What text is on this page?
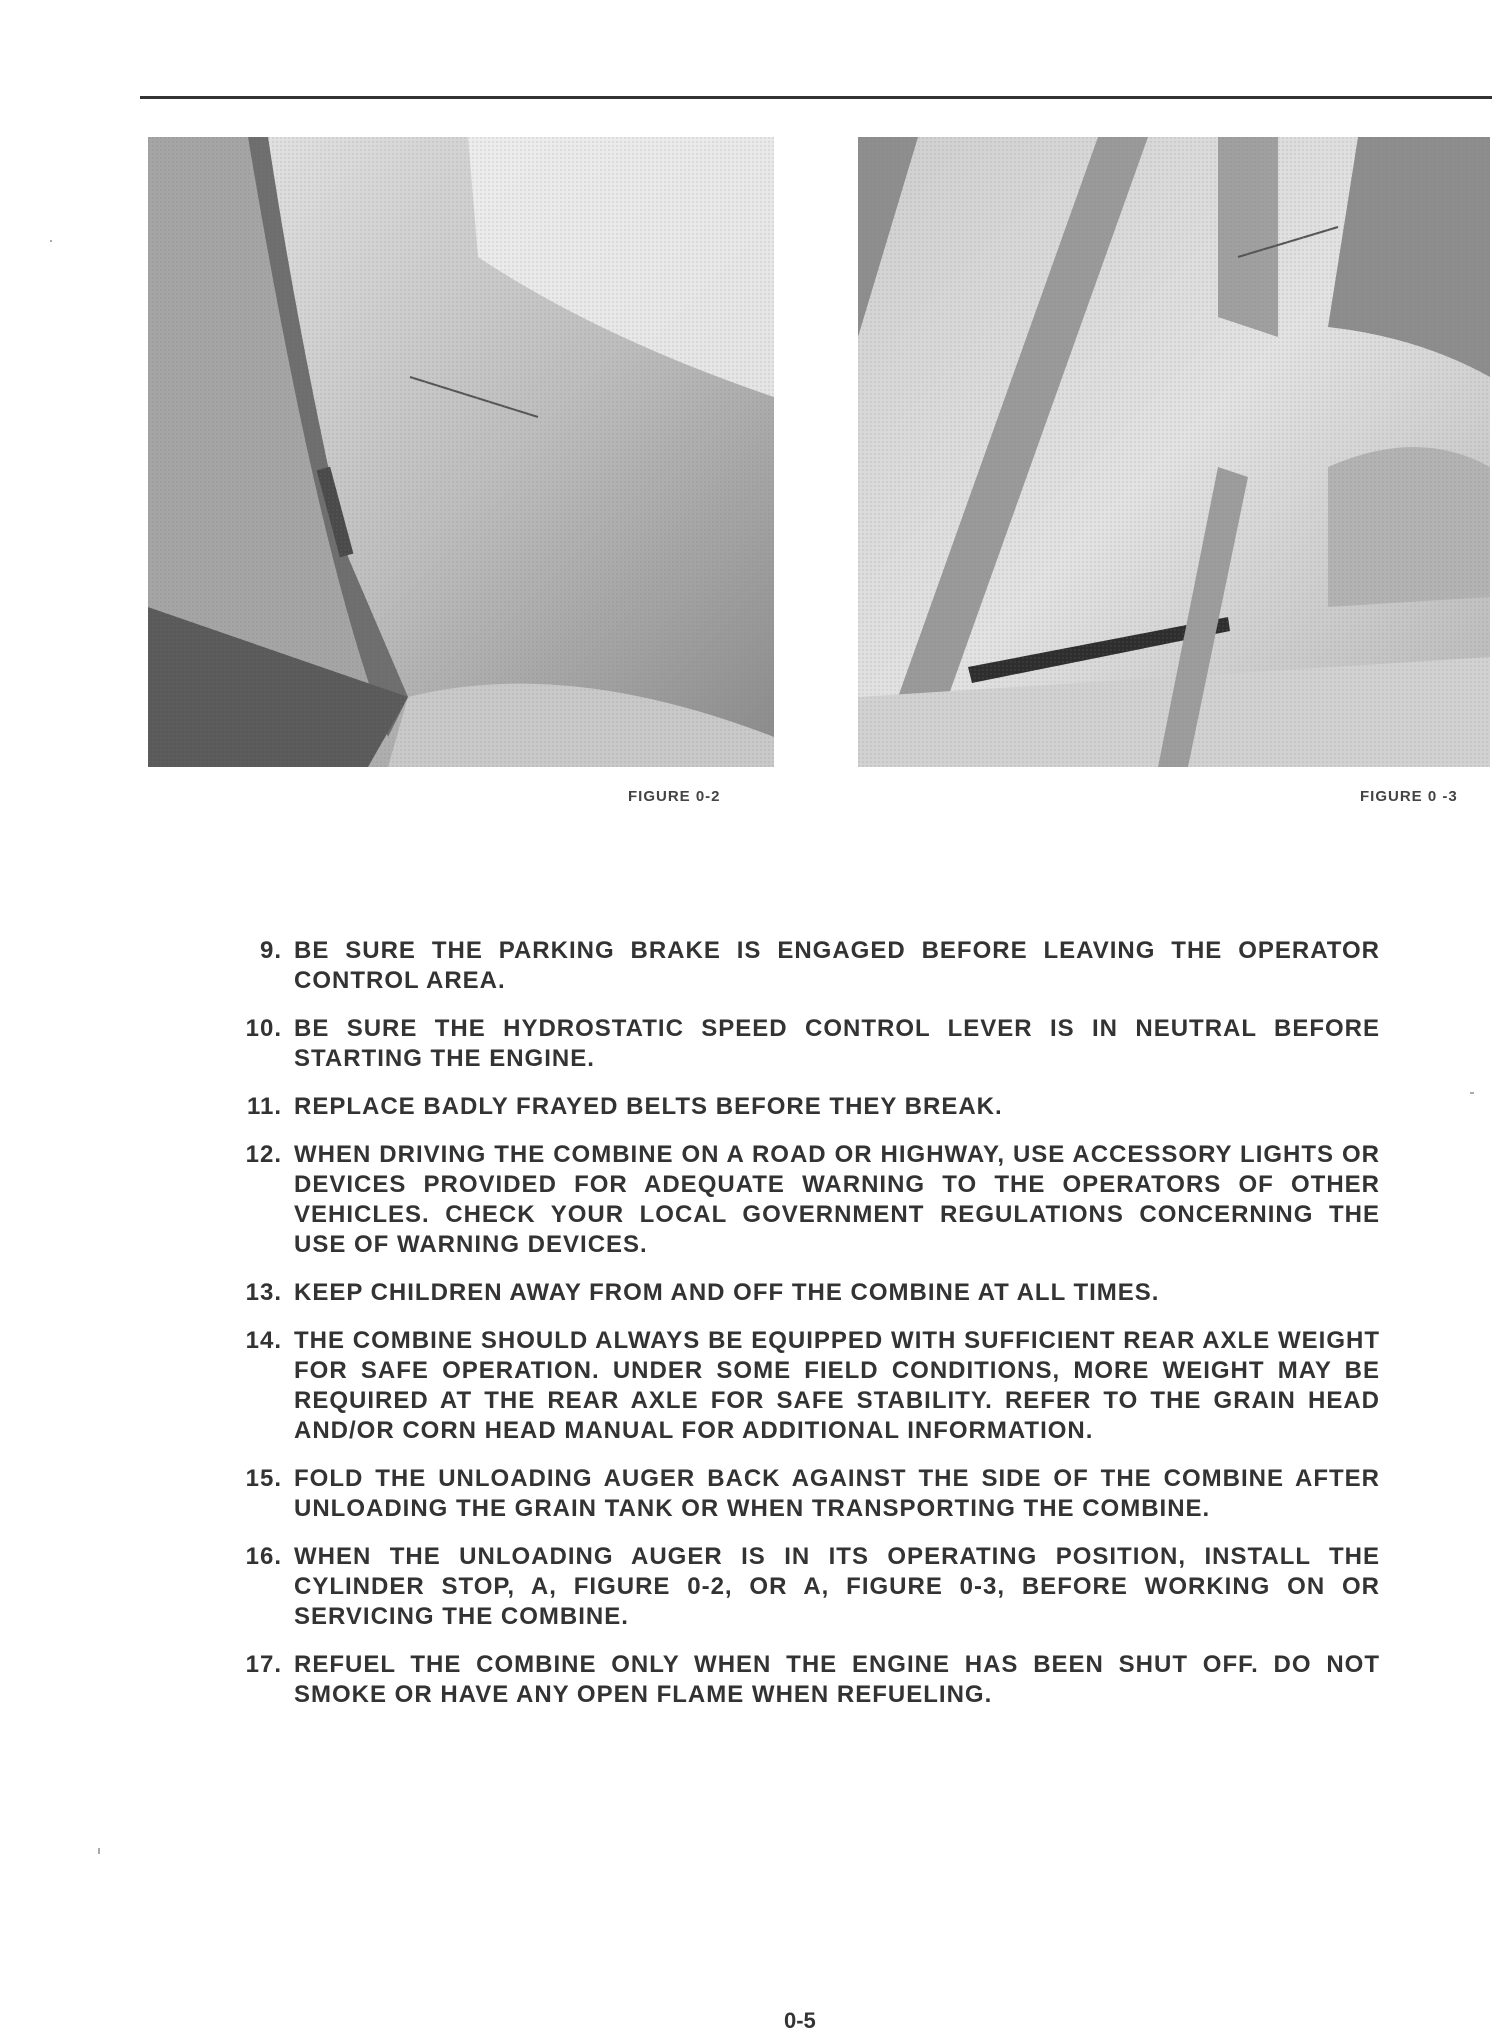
FIGURE 0-2	FIGURE 0 -3
9. BE SURE THE PARKING BRAKE IS ENGAGED BEFORE LEAVING THE OPERATOR CONTROL AREA.
10. BE SURE THE HYDROSTATIC SPEED CONTROL LEVER IS IN NEUTRAL BEFORE STARTING THE ENGINE.
11. REPLACE BADLY FRAYED BELTS BEFORE THEY BREAK.
12. WHEN DRIVING THE COMBINE ON A ROAD OR HIGHWAY, USE ACCESSORY LIGHTS OR DEVICES PROVIDED FOR ADEQUATE WARNING TO THE OPERATORS OF OTHER VEHICLES. CHECK YOUR LOCAL GOVERNMENT REGULATIONS CONCERNING THE USE OF WARNING DEVICES.
13. KEEP CHILDREN AWAY FROM AND OFF THE COMBINE AT ALL TIMES.
14. THE COMBINE SHOULD ALWAYS BE EQUIPPED WITH SUFFICIENT REAR AXLE WEIGHT FOR SAFE OPERATION. UNDER SOME FIELD CONDITIONS, MORE WEIGHT MAY BE REQUIRED AT THE REAR AXLE FOR SAFE STABILITY. REFER TO THE GRAIN HEAD AND/OR CORN HEAD MANUAL FOR ADDITIONAL INFORMATION.
15. FOLD THE UNLOADING AUGER BACK AGAINST THE SIDE OF THE COMBINE AFTER UNLOADING THE GRAIN TANK OR WHEN TRANSPORTING THE COMBINE.
16. WHEN THE UNLOADING AUGER IS IN ITS OPERATING POSITION, INSTALL THE CYLINDER STOP, A, FIGURE 0-2, OR A, FIGURE 0-3, BEFORE WORKING ON OR SERVICING THE COMBINE.
17. REFUEL THE COMBINE ONLY WHEN THE ENGINE HAS BEEN SHUT OFF. DO NOT SMOKE OR HAVE ANY OPEN FLAME WHEN REFUELING.
0-5
